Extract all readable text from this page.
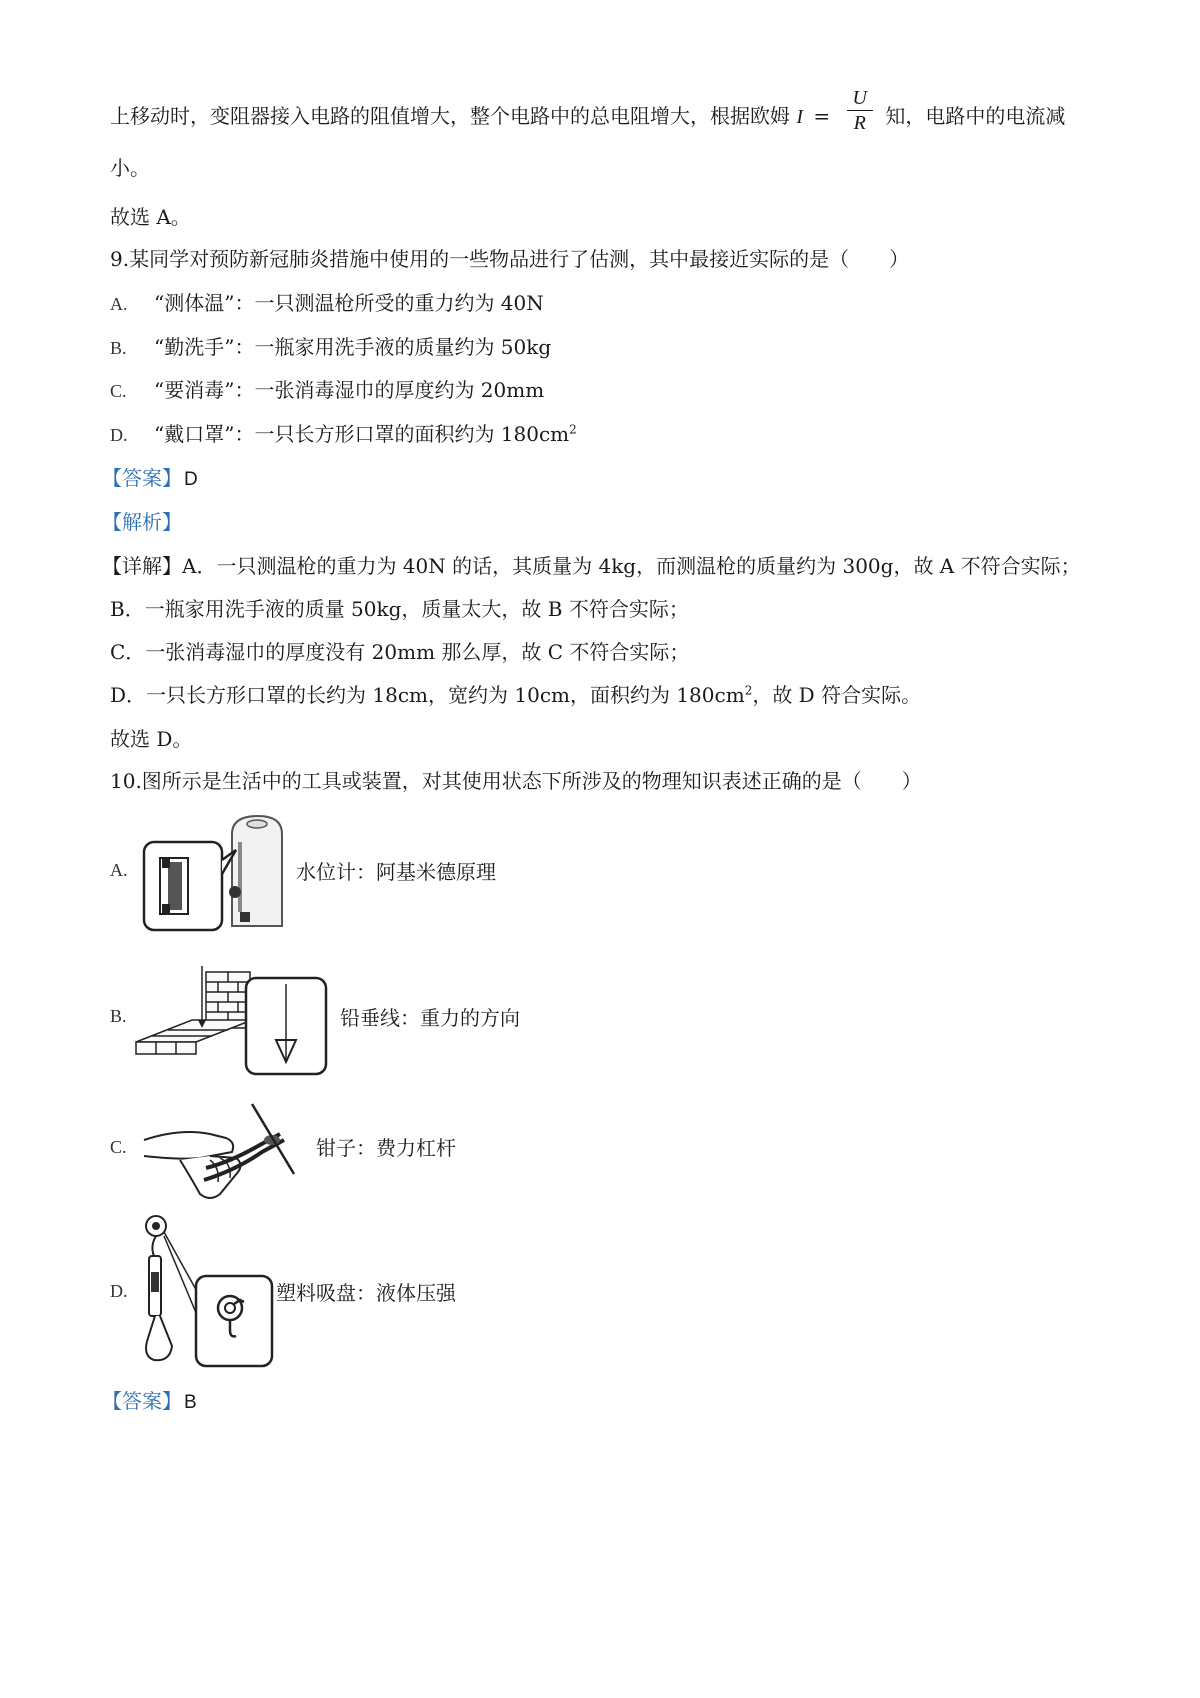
上移动时，变阻器接入电路的阻值增大，整个电路中的总电阻增大，根据欧姆 $I = \frac{U}{R}$ 知，电路中的电流减
小。
故选 A。
9.某同学对预防新冠肺炎措施中使用的一些物品进行了估测，其中最接近实际的是（　　）
A. “测体温”：一只测温枪所受的重力约为 40N
B. “勤洗手”：一瓶家用洗手液的质量约为 50kg
C. “要消毒”：一张消毒湿巾的厚度约为 20mm
D. “戴口罩”：一只长方形口罩的面积约为 $180cm^2$
【答案】 D
【解析】
【详解】A．一只测温枪的重力为 40N 的话，其质量为 4kg，而测温枪的质量约为 300g，故 A 不符合实际；
B．一瓶家用洗手液的质量 50kg，质量太大，故 B 不符合实际；
C．一张消毒湿巾的厚度没有 20mm 那么厚，故 C 不符合实际；
D．一只长方形口罩的长约为 18cm，宽约为 10cm，面积约为 $180cm^2$，故 D 符合实际。
故选 D。
10.图所示是生活中的工具或装置，对其使用状态下所涉及的物理知识表述正确的是（　　）
A.	水位计：阿基米德原理
B.	铅垂线：重力的方向
C.	钳子：费力杠杆
D.	塑料吸盘：液体压强
【答案】 B
